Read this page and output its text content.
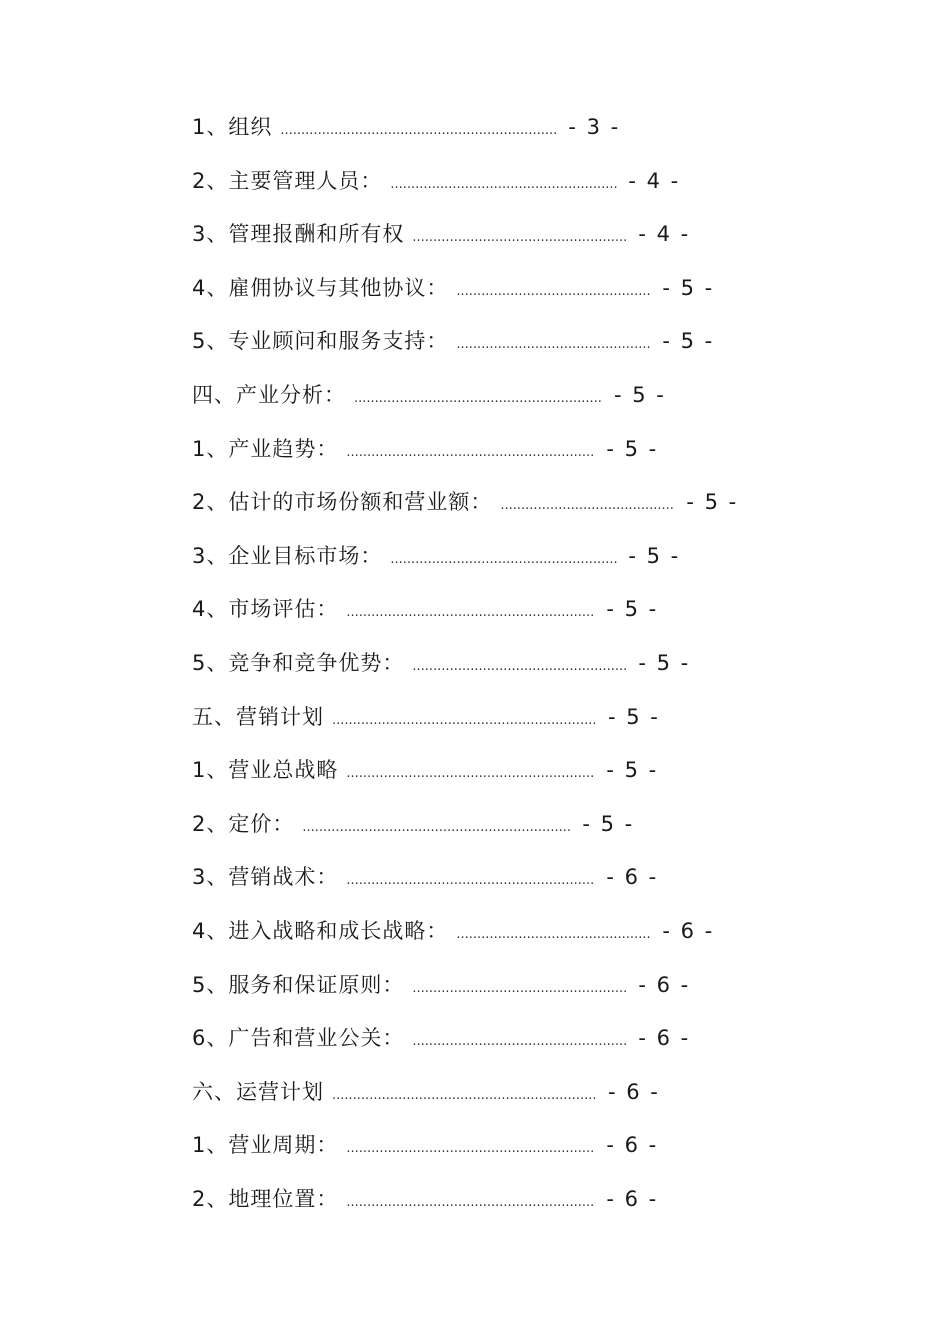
1、组织 ................................................................... - 3 -
2、主要管理人员： ....................................................... - 4 -
3、管理报酬和所有权 .................................................... - 4 -
4、雇佣协议与其他协议： ............................................... - 5 -
5、专业顾问和服务支持： ............................................... - 5 -
四、产业分析： ............................................................ - 5 -
1、产业趋势： ............................................................ - 5 -
2、估计的市场份额和营业额： .......................................... - 5 -
3、企业目标市场： ....................................................... - 5 -
4、市场评估： ............................................................ - 5 -
5、竞争和竞争优势： .................................................... - 5 -
五、营销计划 ................................................................ - 5 -
1、营业总战略 ............................................................ - 5 -
2、定价： ................................................................. - 5 -
3、营销战术： ............................................................ - 6 -
4、进入战略和成长战略： ............................................... - 6 -
5、服务和保证原则： .................................................... - 6 -
6、广告和营业公关： .................................................... - 6 -
六、运营计划 ................................................................ - 6 -
1、营业周期： ............................................................ - 6 -
2、地理位置： ............................................................ - 6 -
